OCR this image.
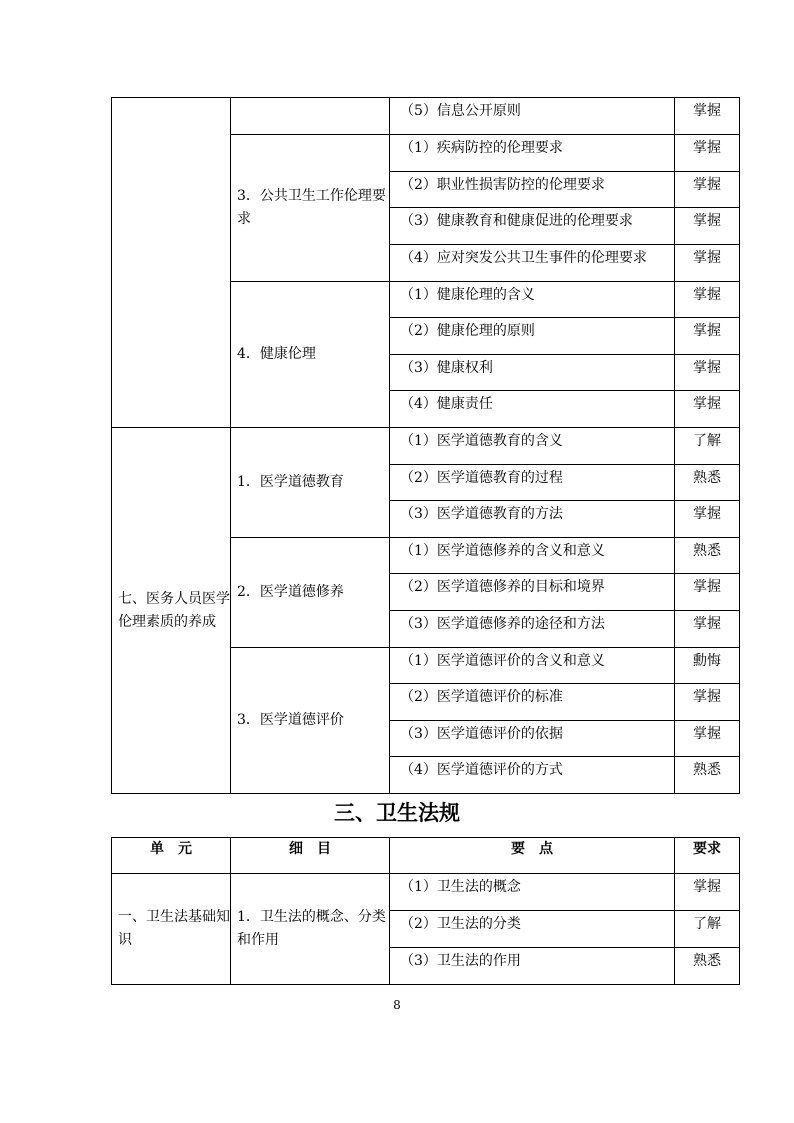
		（5）信息公开原则	掌握
	3．公共卫生工作伦理要求	（1）疾病防控的伦理要求	掌握
		（2）职业性损害防控的伦理要求	掌握
		（3）健康教育和健康促进的伦理要求	掌握
		（4）应对突发公共卫生事件的伦理要求	掌握
	4．健康伦理	（1）健康伦理的含义	掌握
		（2）健康伦理的原则	掌握
		（3）健康权利	掌握
		（4）健康责任	掌握
七、医务人员医学伦理素质的养成	1．医学道德教育	（1）医学道德教育的含义	了解
		（2）医学道德教育的过程	熟悉
		（3）医学道德教育的方法	掌握
	2．医学道德修养	（1）医学道德修养的含义和意义	熟悉
		（2）医学道德修养的目标和境界	掌握
		（3）医学道德修养的途径和方法	掌握
	3．医学道德评价	（1）医学道德评价的含义和意义	勳悔
		（2）医学道德评价的标准	掌握
		（3）医学道德评价的依据	掌握
		（4）医学道德评价的方式	熟悉
三、卫生法规
单　元	细　目	要　点	要求
一、卫生法基础知识	1．卫生法的概念、分类和作用	（1）卫生法的概念	掌握
		（2）卫生法的分类	了解
		（3）卫生法的作用	熟悉
8
